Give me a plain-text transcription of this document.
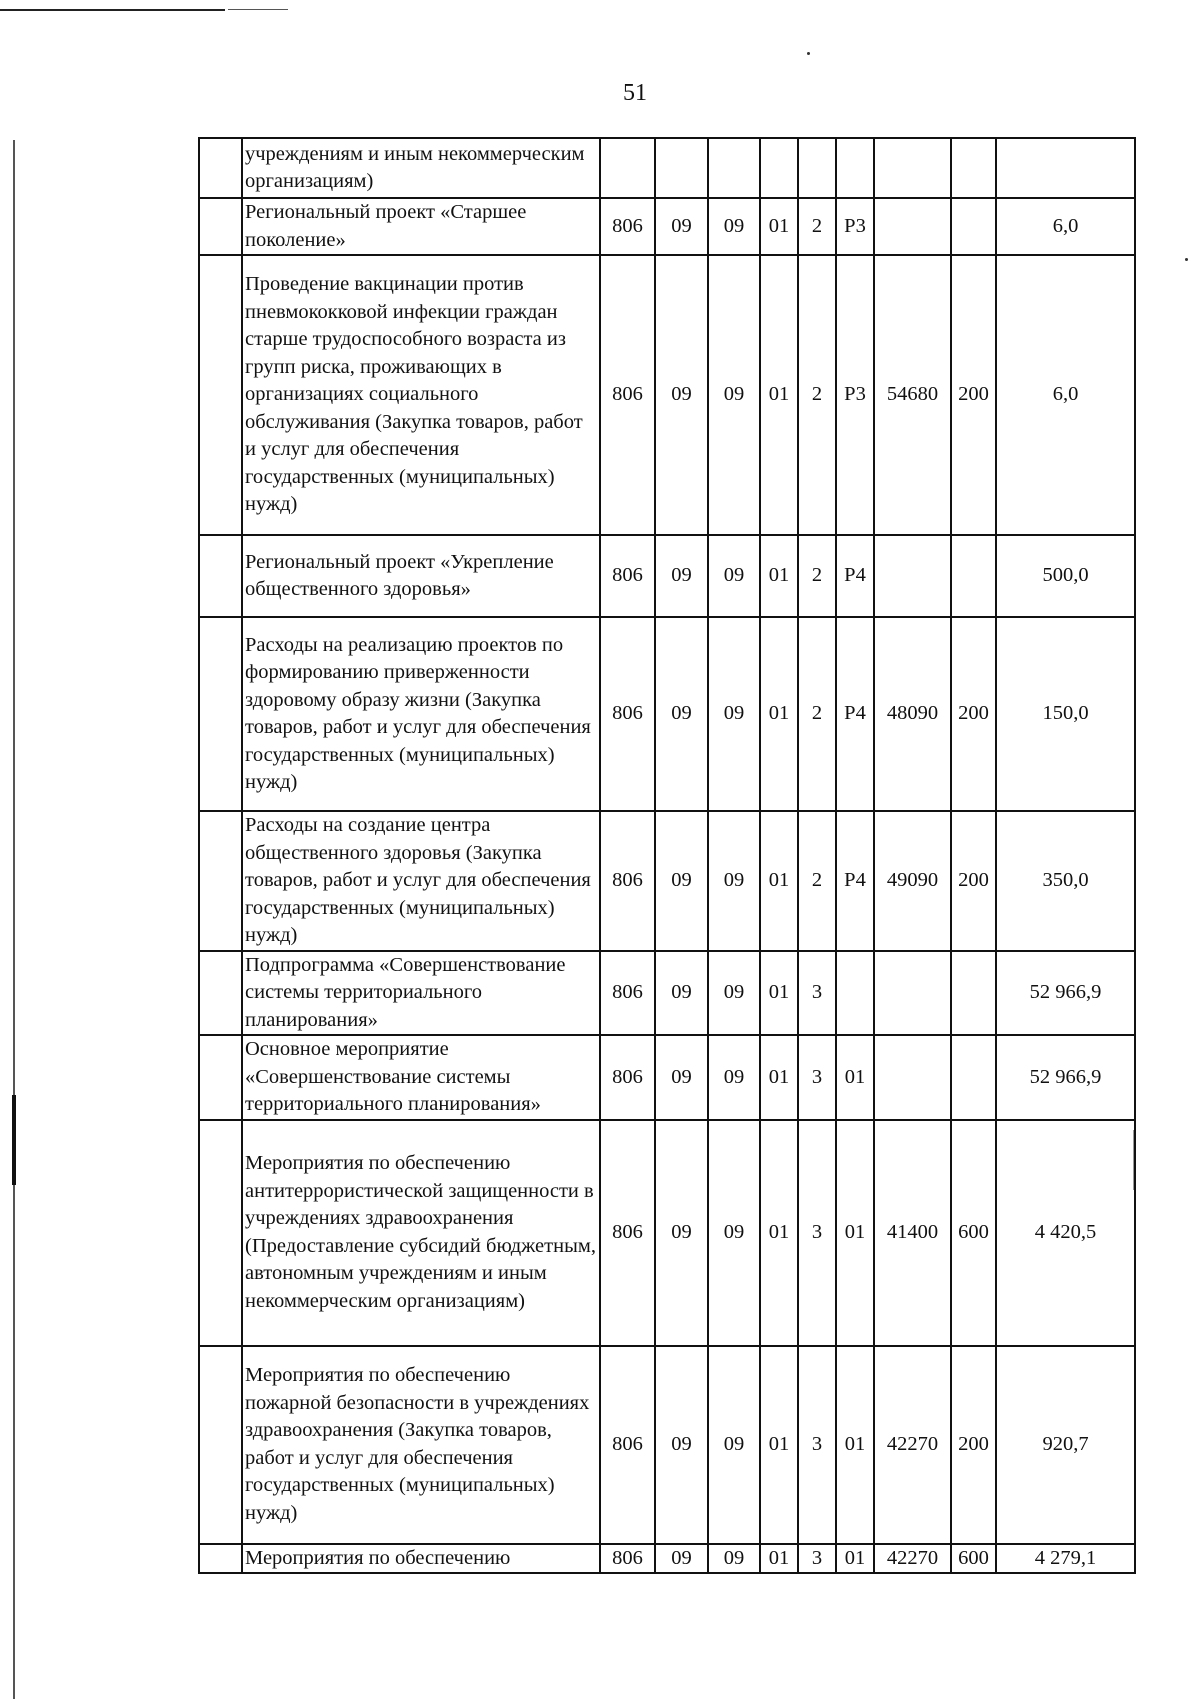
51
	учреждениям и иным некоммерческим организациям)									
	Региональный проект «Старшее поколение»	806	09	09	01	2	P3			6,0
	Проведение вакцинации против пневмококковой инфекции граждан старше трудоспособного возраста из групп риска, проживающих в организациях социального обслуживания (Закупка товаров, работ и услуг для обеспечения государственных (муниципальных) нужд)	806	09	09	01	2	P3	54680	200	6,0
	Региональный проект «Укрепление общественного здоровья»	806	09	09	01	2	P4			500,0
	Расходы на реализацию проектов по формированию приверженности здоровому образу жизни (Закупка товаров, работ и услуг для обеспечения государственных (муниципальных) нужд)	806	09	09	01	2	P4	48090	200	150,0
	Расходы на создание центра общественного здоровья (Закупка товаров, работ и услуг для обеспечения государственных (муниципальных) нужд)	806	09	09	01	2	P4	49090	200	350,0
	Подпрограмма «Совершенствование системы территориального планирования»	806	09	09	01	3				52 966,9
	Основное мероприятие «Совершенствование системы территориального планирования»	806	09	09	01	3	01			52 966,9
	Мероприятия по обеспечению антитеррористической защищенности в учреждениях здравоохранения (Предоставление субсидий бюджетным, автономным учреждениям и иным некоммерческим организациям)	806	09	09	01	3	01	41400	600	4 420,5
	Мероприятия по обеспечению пожарной безопасности в учреждениях здравоохранения (Закупка товаров, работ и услуг для обеспечения государственных (муниципальных) нужд)	806	09	09	01	3	01	42270	200	920,7
	Мероприятия по обеспечению	806	09	09	01	3	01	42270	600	4 279,1
